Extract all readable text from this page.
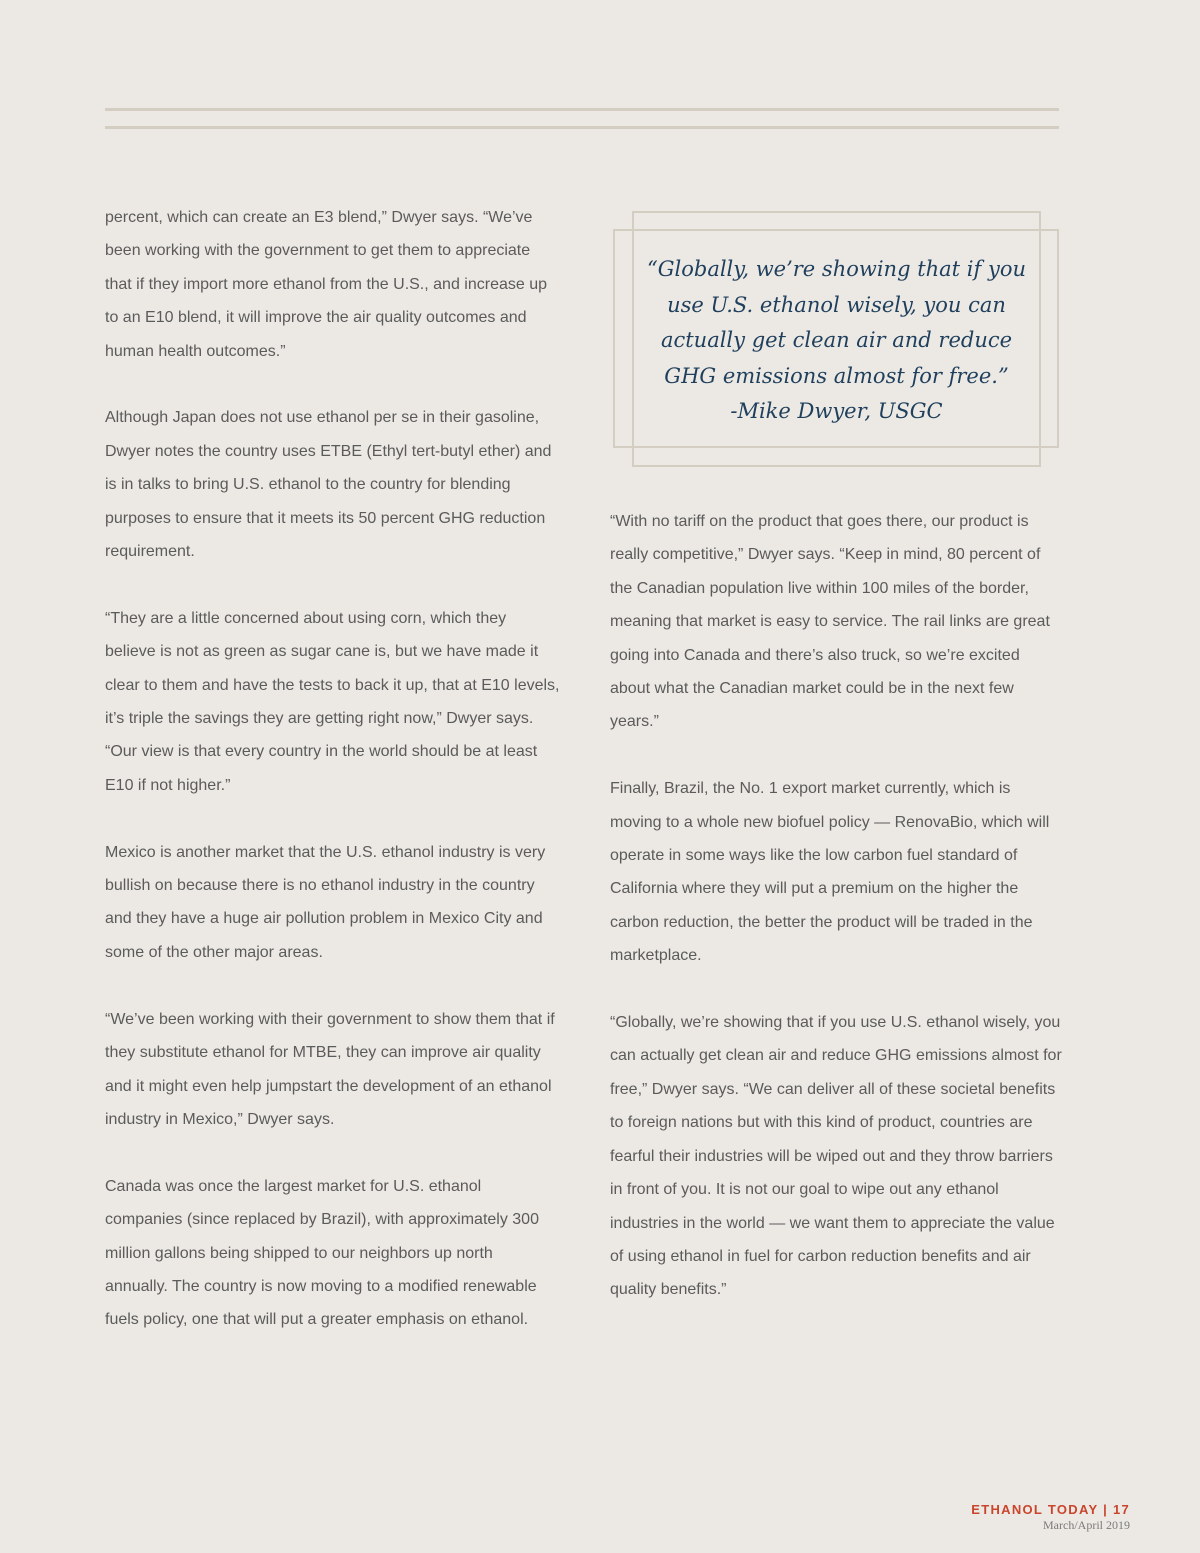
percent, which can create an E3 blend,” Dwyer says. “We’ve been working with the government to get them to appreciate that if they import more ethanol from the U.S., and increase up to an E10 blend, it will improve the air quality outcomes and human health outcomes.”

Although Japan does not use ethanol per se in their gasoline, Dwyer notes the country uses ETBE (Ethyl tert-butyl ether) and is in talks to bring U.S. ethanol to the country for blending purposes to ensure that it meets its 50 percent GHG reduction requirement.

“They are a little concerned about using corn, which they believe is not as green as sugar cane is, but we have made it clear to them and have the tests to back it up, that at E10 levels, it’s triple the savings they are getting right now,” Dwyer says. “Our view is that every country in the world should be at least E10 if not higher.”

Mexico is another market that the U.S. ethanol industry is very bullish on because there is no ethanol industry in the country and they have a huge air pollution problem in Mexico City and some of the other major areas.

“We’ve been working with their government to show them that if they substitute ethanol for MTBE, they can improve air quality and it might even help jumpstart the development of an ethanol industry in Mexico,” Dwyer says.

Canada was once the largest market for U.S. ethanol companies (since replaced by Brazil), with approximately 300 million gallons being shipped to our neighbors up north annually. The country is now moving to a modified renewable fuels policy, one that will put a greater emphasis on ethanol.

“Globally, we’re showing that if you
use U.S. ethanol wisely, you can
actually get clean air and reduce
GHG emissions almost for free.”
-Mike Dwyer, USGC

“With no tariff on the product that goes there, our product is really competitive,” Dwyer says. “Keep in mind, 80 percent of the Canadian population live within 100 miles of the border, meaning that market is easy to service. The rail links are great going into Canada and there’s also truck, so we’re excited about what the Canadian market could be in the next few years.”

Finally, Brazil, the No. 1 export market currently, which is moving to a whole new biofuel policy — RenovaBio, which will operate in some ways like the low carbon fuel standard of California where they will put a premium on the higher the carbon reduction, the better the product will be traded in the marketplace.

“Globally, we’re showing that if you use U.S. ethanol wisely, you can actually get clean air and reduce GHG emissions almost for free,” Dwyer says. “We can deliver all of these societal benefits to foreign nations but with this kind of product, countries are fearful their industries will be wiped out and they throw barriers in front of you. It is not our goal to wipe out any ethanol industries in the world — we want them to appreciate the value of using ethanol in fuel for carbon reduction benefits and air quality benefits.”

ETHANOL TODAY | 17
March/April 2019
